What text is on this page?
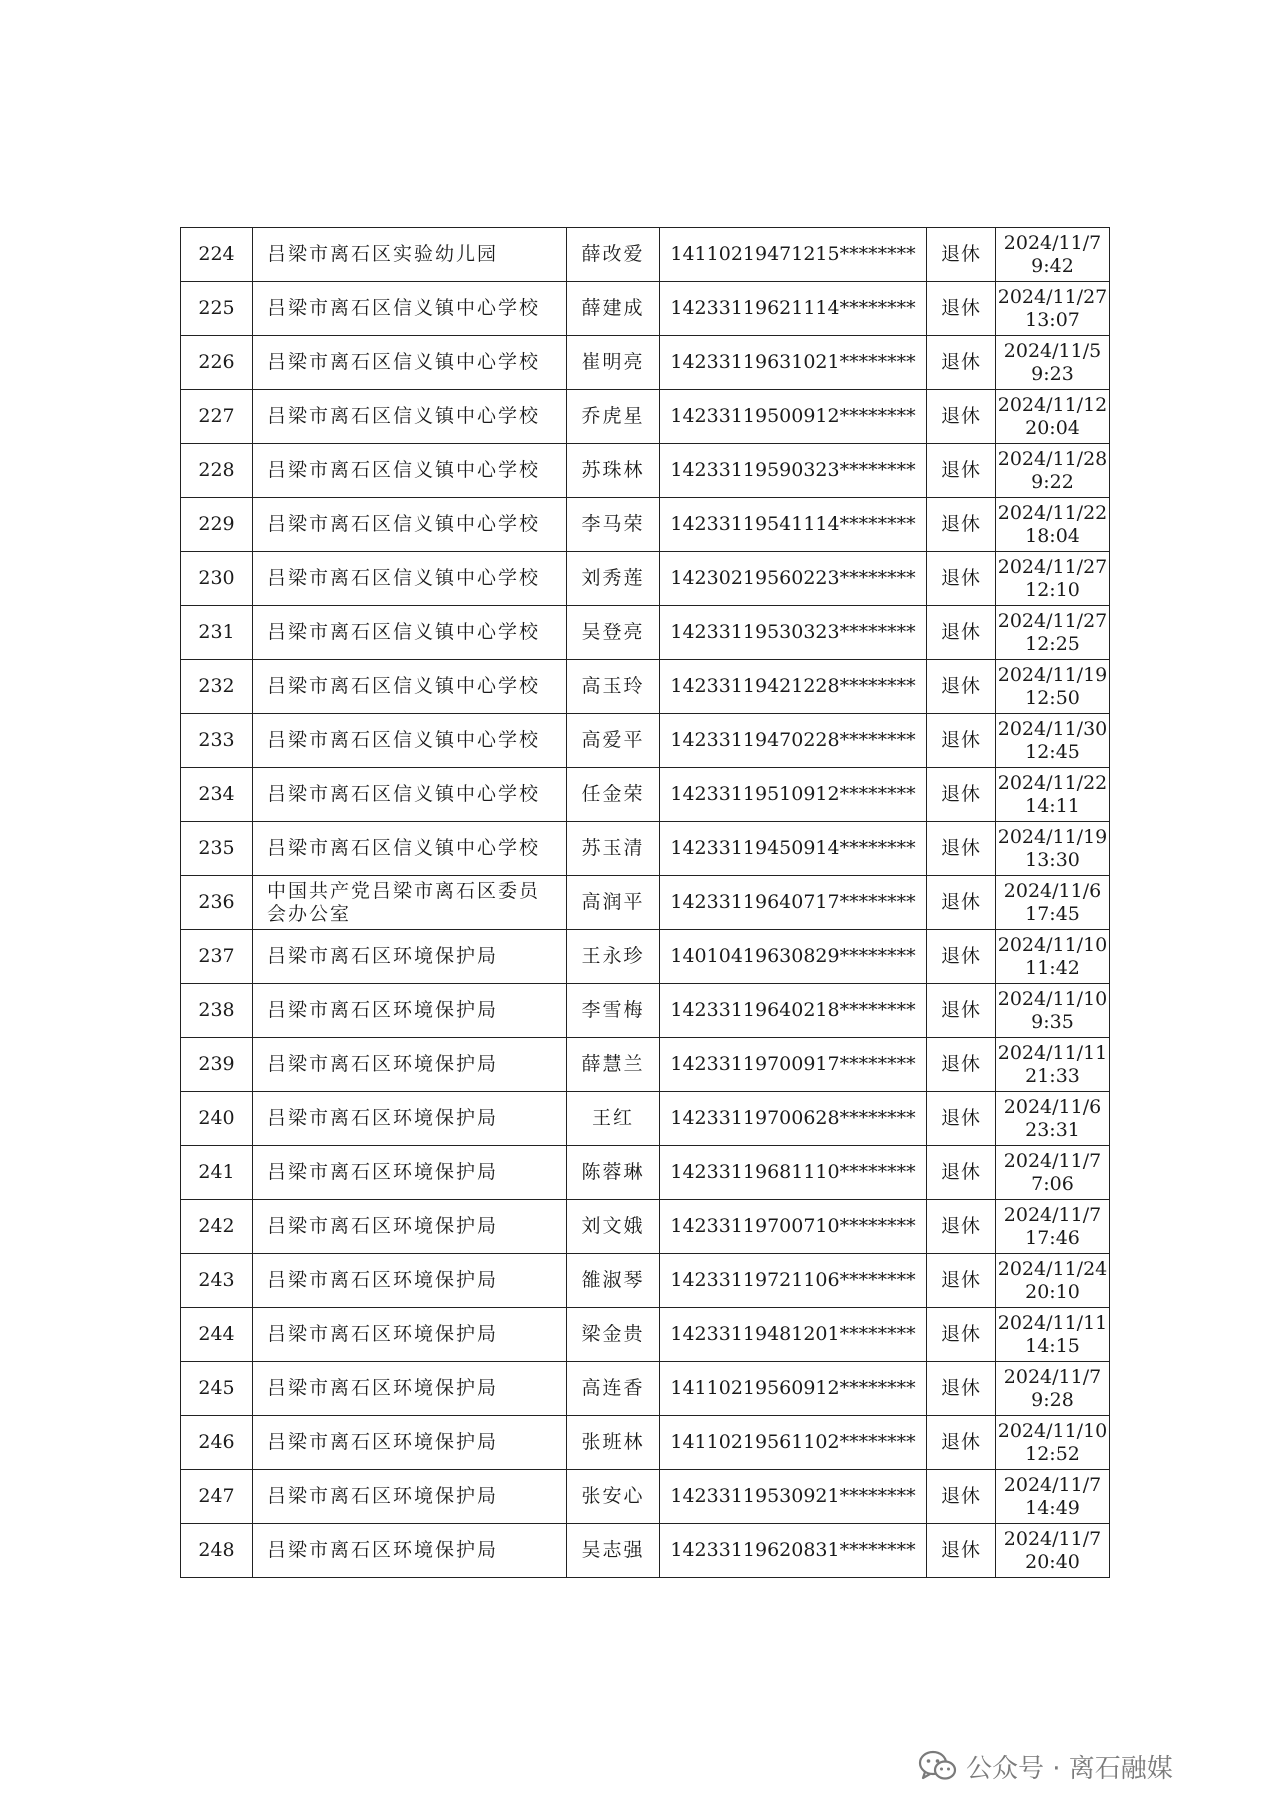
224	吕梁市离石区实验幼儿园	薛改爱	14110219471215********	退休	2024/11/7
9:42

225	吕梁市离石区信义镇中心学校	薛建成	14233119621114********	退休	2024/11/27
13:07

226	吕梁市离石区信义镇中心学校	崔明亮	14233119631021********	退休	2024/11/5
9:23

227	吕梁市离石区信义镇中心学校	乔虎星	14233119500912********	退休	2024/11/12
20:04

228	吕梁市离石区信义镇中心学校	苏珠林	14233119590323********	退休	2024/11/28
9:22

229	吕梁市离石区信义镇中心学校	李马荣	14233119541114********	退休	2024/11/22
18:04

230	吕梁市离石区信义镇中心学校	刘秀莲	14230219560223********	退休	2024/11/27
12:10

231	吕梁市离石区信义镇中心学校	吴登亮	14233119530323********	退休	2024/11/27
12:25

232	吕梁市离石区信义镇中心学校	高玉玲	14233119421228********	退休	2024/11/19
12:50

233	吕梁市离石区信义镇中心学校	高爱平	14233119470228********	退休	2024/11/30
12:45

234	吕梁市离石区信义镇中心学校	任金荣	14233119510912********	退休	2024/11/22
14:11

235	吕梁市离石区信义镇中心学校	苏玉清	14233119450914********	退休	2024/11/19
13:30

236	中国共产党吕梁市离石区委员会办公室	高润平	14233119640717********	退休	2024/11/6
17:45

237	吕梁市离石区环境保护局	王永珍	14010419630829********	退休	2024/11/10
11:42

238	吕梁市离石区环境保护局	李雪梅	14233119640218********	退休	2024/11/10
9:35

239	吕梁市离石区环境保护局	薛慧兰	14233119700917********	退休	2024/11/11
21:33

240	吕梁市离石区环境保护局	王红	14233119700628********	退休	2024/11/6
23:31

241	吕梁市离石区环境保护局	陈蓉琳	14233119681110********	退休	2024/11/7
7:06

242	吕梁市离石区环境保护局	刘文娥	14233119700710********	退休	2024/11/7
17:46

243	吕梁市离石区环境保护局	雒淑琴	14233119721106********	退休	2024/11/24
20:10

244	吕梁市离石区环境保护局	梁金贵	14233119481201********	退休	2024/11/11
14:15

245	吕梁市离石区环境保护局	高连香	14110219560912********	退休	2024/11/7
9:28

246	吕梁市离石区环境保护局	张班林	14110219561102********	退休	2024/11/10
12:52

247	吕梁市离石区环境保护局	张安心	14233119530921********	退休	2024/11/7
14:49

248	吕梁市离石区环境保护局	吴志强	14233119620831********	退休	2024/11/7
20:40
公众号 · 离石融媒
